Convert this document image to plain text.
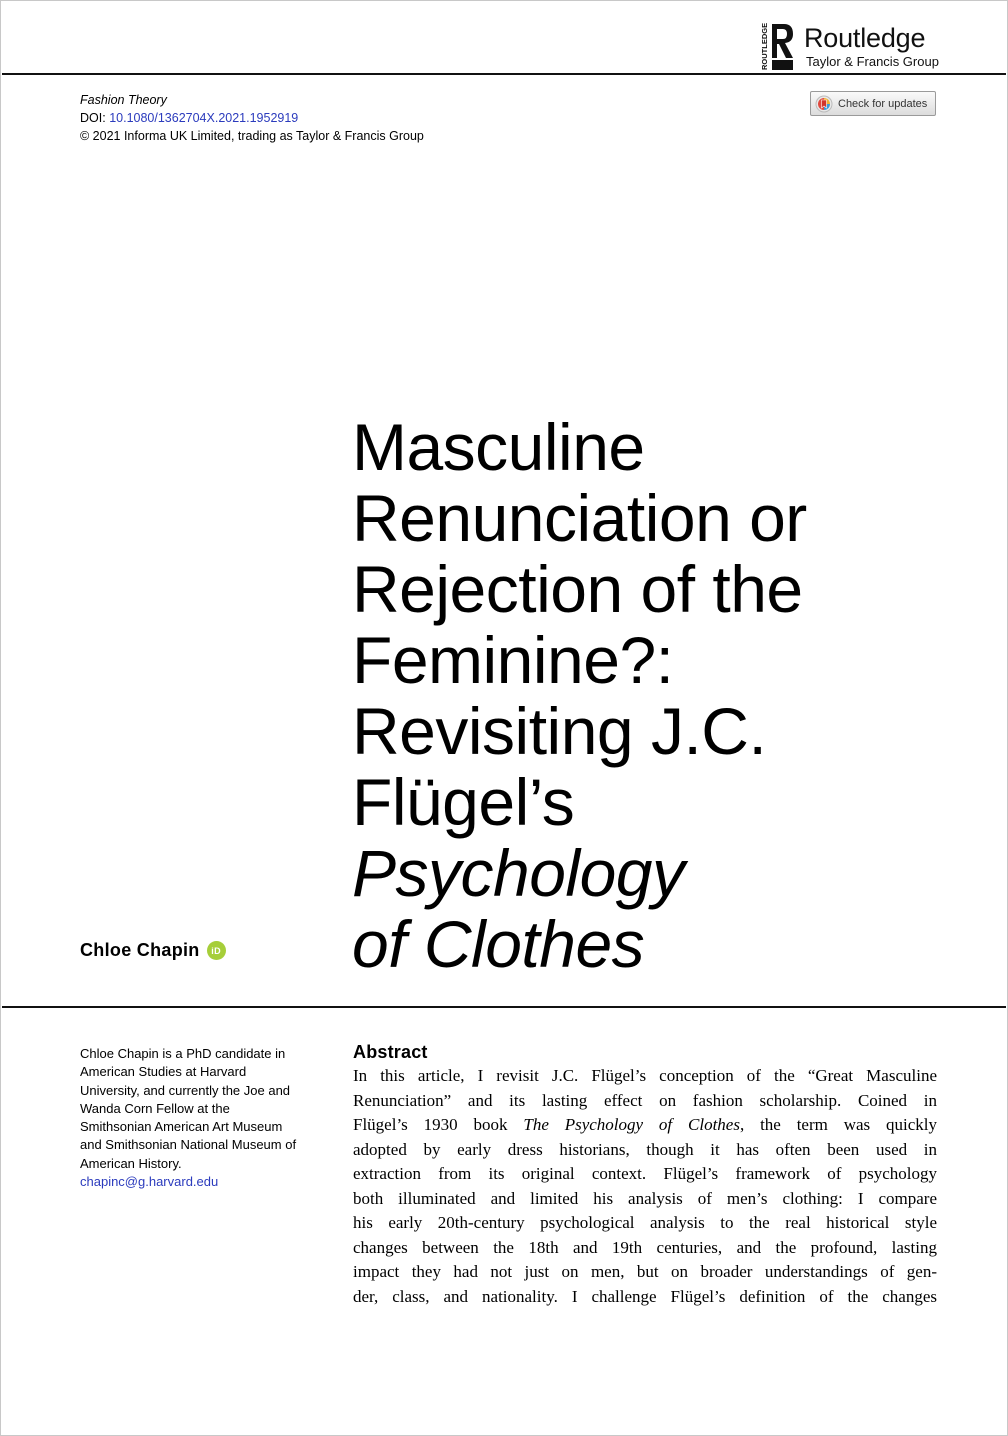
ROUTLEDGE Routledge
Taylor & Francis Group
Fashion Theory
DOI: 10.1080/1362704X.2021.1952919
© 2021 Informa UK Limited, trading as Taylor & Francis Group
Check for updates
Masculine
Renunciation or
Rejection of the
Feminine?:
Revisiting J.C.
Flügel’s
Psychology
of Clothes
Chloe Chapin	iD
Chloe Chapin is a PhD candidate in
American Studies at Harvard
University, and currently the Joe and
Wanda Corn Fellow at the
Smithsonian American Art Museum
and Smithsonian National Museum of
American History.
chapinc@g.harvard.edu
Abstract
In this article, I revisit J.C. Flügel’s conception of the “Great Masculine
Renunciation” and its lasting effect on fashion scholarship. Coined in
Flügel’s 1930 book The Psychology of Clothes, the term was quickly
adopted by early dress historians, though it has often been used in
extraction from its original context. Flügel’s framework of psychology
both illuminated and limited his analysis of men’s clothing: I compare
his early 20th-century psychological analysis to the real historical style
changes between the 18th and 19th centuries, and the profound, lasting
impact they had not just on men, but on broader understandings of gen-
der, class, and nationality. I challenge Flügel’s definition of the changes
